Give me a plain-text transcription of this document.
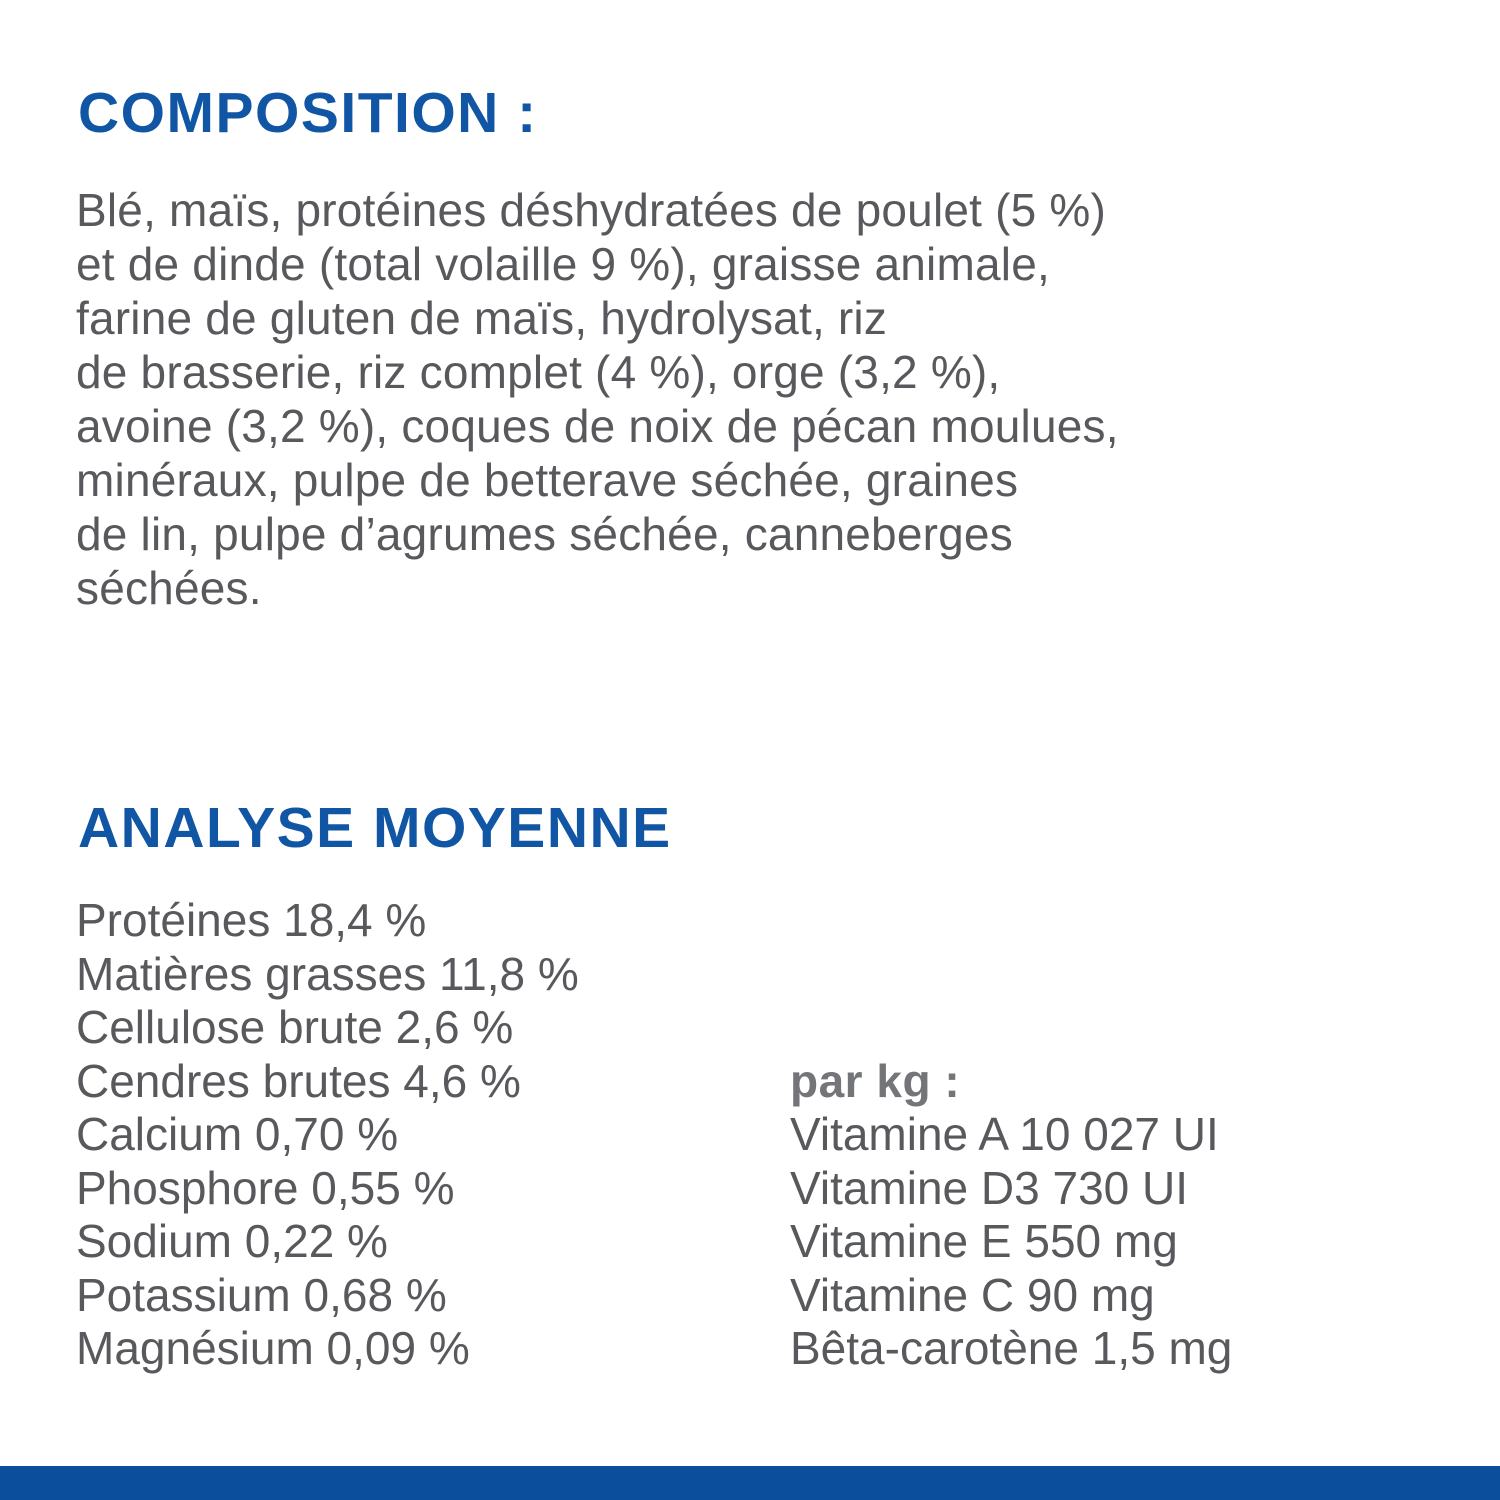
COMPOSITION :
Blé, maïs, protéines déshydratées de poulet (5 %)
et de dinde (total volaille 9 %), graisse animale,
farine de gluten de maïs, hydrolysat, riz
de brasserie, riz complet (4 %), orge (3,2 %),
avoine (3,2 %), coques de noix de pécan moulues,
minéraux, pulpe de betterave séchée, graines
de lin, pulpe d’agrumes séchée, canneberges
séchées.
ANALYSE MOYENNE
Protéines 18,4 %
Matières grasses 11,8 %
Cellulose brute 2,6 %
Cendres brutes 4,6 %	par kg :
Calcium 0,70 %	Vitamine A 10 027 UI
Phosphore 0,55 %	Vitamine D3 730 UI
Sodium 0,22 %	Vitamine E 550 mg
Potassium 0,68 %	Vitamine C 90 mg
Magnésium 0,09 %	Bêta-carotène 1,5 mg
